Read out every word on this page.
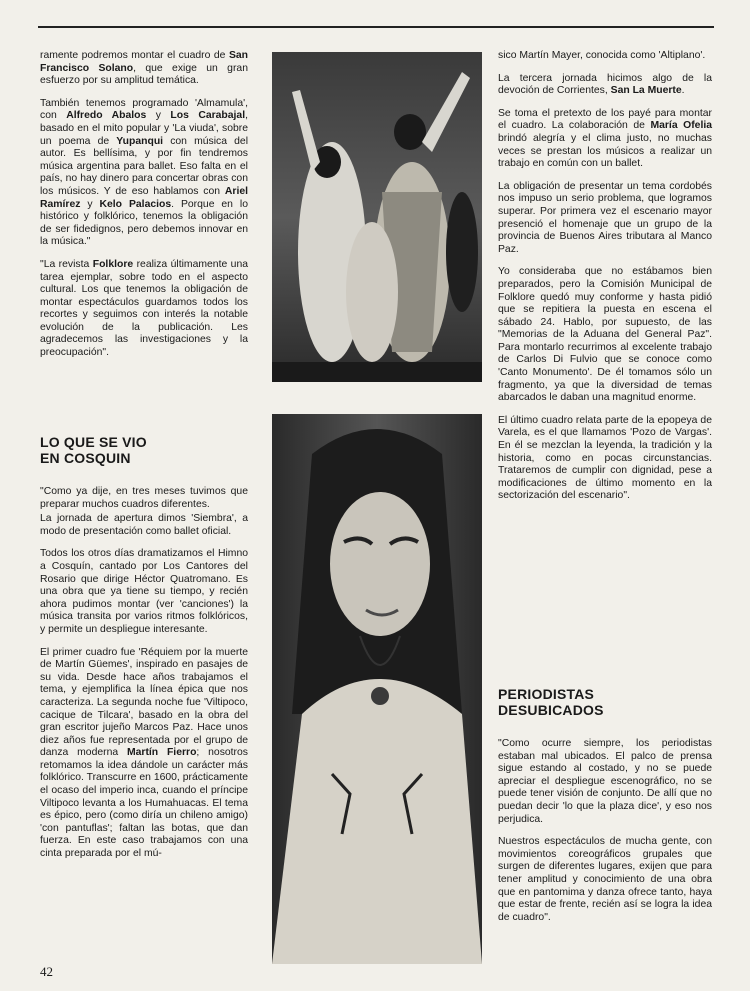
ramente podremos montar el cuadro de San Francisco Solano, que exige un gran esfuerzo por su amplitud temática.

También tenemos programado 'Almamula', con Alfredo Abalos y Los Carabajal, basado en el mito popular y 'La viuda', sobre un poema de Yupanqui con música del autor. Es bellísima, y por fin tendremos música argentina para ballet. Eso falta en el país, no hay dinero para concertar obras con los músicos. Y de eso hablamos con Ariel Ramírez y Kelo Palacios. Porque en lo histórico y folklórico, tenemos la obligación de ser fidedignos, pero debemos innovar en la música."

"La revista Folklore realiza últimamente una tarea ejemplar, sobre todo en el aspecto cultural. Los que tenemos la obligación de montar espectáculos guardamos todos los recortes y seguimos con interés la notable evolución de la publicación. Les agradecemos las investigaciones y la preocupación".

LO QUE SE VIO
EN COSQUIN

"Como ya dije, en tres meses tuvimos que preparar muchos cuadros diferentes.

La jornada de apertura dimos 'Siembra', a modo de presentación como ballet oficial.

Todos los otros días dramatizamos el Himno a Cosquín, cantado por Los Cantores del Rosario que dirige Héctor Quatromano. Es una obra que ya tiene su tiempo, y recién ahora pudimos montar (ver 'canciones') la música transita por varios ritmos folklóricos, y permite un despliegue interesante.

El primer cuadro fue 'Réquiem por la muerte de Martín Güemes', inspirado en pasajes de su vida. Desde hace años trabajamos el tema, y ejemplifica la línea épica que nos caracteriza. La segunda noche fue 'Viltipoco, cacique de Tilcara', basado en la obra del gran escritor jujeño Marcos Paz. Hace unos diez años fue representada por el grupo de danza moderna Martín Fierro; nosotros retomamos la idea dándole un carácter más folklórico. Transcurre en 1600, prácticamente el ocaso del imperio inca, cuando el príncipe Viltipoco levanta a los Humahuacas. El tema es épico, pero (como diría un chileno amigo) 'con pantuflas'; faltan las botas, que dan fuerza. En este caso trabajamos con una cinta preparada por el mú-

sico Martín Mayer, conocida como 'Altiplano'.

La tercera jornada hicimos algo de la devoción de Corrientes, San La Muerte.

Se toma el pretexto de los payé para montar el cuadro. La colaboración de María Ofelia brindó alegría y el clima justo, no muchas veces se prestan los músicos a realizar un trabajo en común con un ballet.

La obligación de presentar un tema cordobés nos impuso un serio problema, que logramos superar. Por primera vez el escenario mayor presenció el homenaje que un grupo de la provincia de Buenos Aires tributara al Manco Paz.

Yo consideraba que no estábamos bien preparados, pero la Comisión Municipal de Folklore quedó muy conforme y hasta pidió que se repitiera la puesta en escena el sábado 24. Hablo, por supuesto, de las "Memorias de la Aduana del General Paz". Para montarlo recurrimos al excelente trabajo de Carlos Di Fulvio que se conoce como 'Canto Monumento'. De él tomamos sólo un fragmento, ya que la diversidad de temas abarcados le daban una magnitud enorme.

El último cuadro relata parte de la epopeya de Varela, es el que llamamos 'Pozo de Vargas'. En él se mezclan la leyenda, la tradición y la historia, como en pocas circunstancias. Trataremos de cumplir con dignidad, pese a modificaciones de último momento en la sectorización del escenario".

PERIODISTAS
DESUBICADOS

"Como ocurre siempre, los periodistas estaban mal ubicados. El palco de prensa sigue estando al costado, y no se puede apreciar el despliegue escenográfico, no se puede tener visión de conjunto. De allí que no puedan decir 'lo que la plaza dice', y eso nos perjudica.

Nuestros espectáculos de mucha gente, con movimientos coreográficos grupales que surgen de diferentes lugares, exijen que para tener amplitud y conocimiento de una obra que en pantomima y danza ofrece tanto, haya que estar de frente, recién así se logra la idea de cuadro".

42
